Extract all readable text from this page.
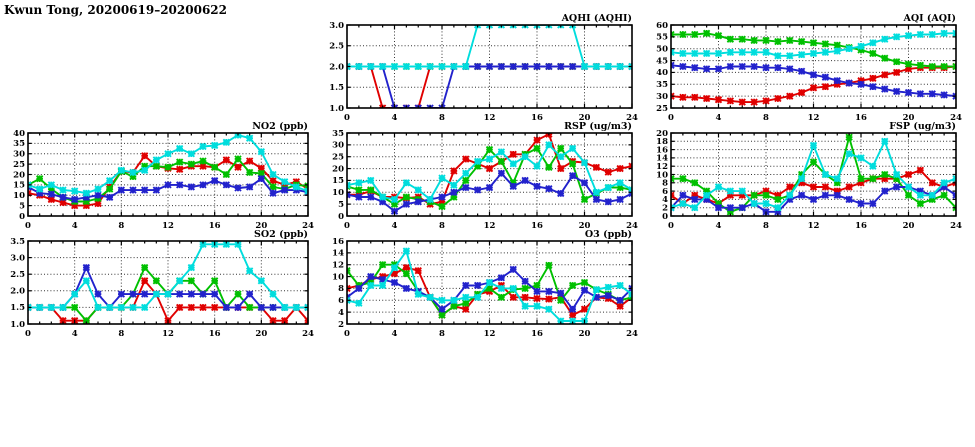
Kwun Tong, 20200619–20200622
1.0
1.5
2.0
2.5
3.0
0	4	8	12	16	20	24
AQHI (AQHI)
25
30
35
40
45
50
55
60
0	4	8	12	16	20	24
AQI (AQI)
0
5
10
15
20
25
30
35
40
0	4	8	12	16	20	24
NO2 (ppb)
0
5
10
15
20
25
30
35
0	4	8	12	16	20	24
RSP (ug/m3)
0
2
4
6
8
10
12
14
16
18
20
0	4	8	12	16	20	24
FSP (ug/m3)
1.0
1.5
2.0
2.5
3.0
3.5
0	4	8	12	16	20	24
SO2 (ppb)
2
4
6
8
10
12
14
16
0	4	8	12	16	20	24
O3 (ppb)
